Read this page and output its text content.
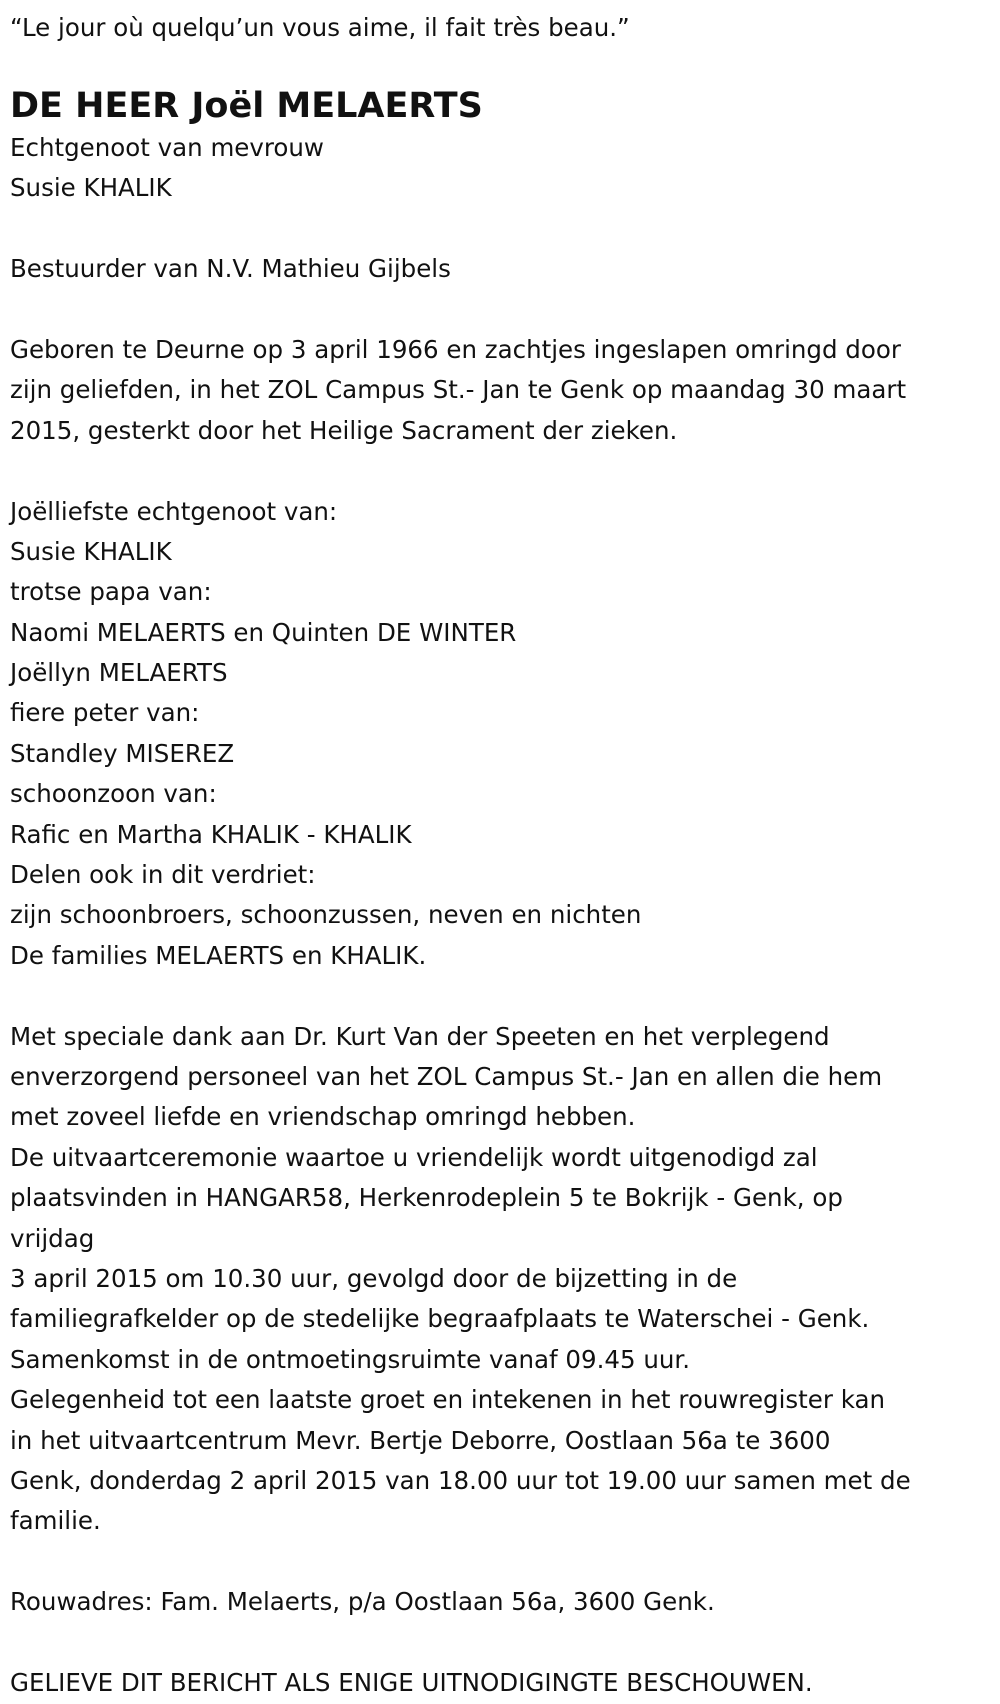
“Le jour où quelqu’un vous aime, il fait très beau.”

DE HEER Joël MELAERTS

Echtgenoot van mevrouw

Susie KHALIK

Bestuurder van N.V. Mathieu Gijbels

Geboren te Deurne op 3 april 1966 en zachtjes ingeslapen omringd door

zijn geliefden, in het ZOL Campus St.- Jan te Genk op maandag 30 maart

2015, gesterkt door het Heilige Sacrament der zieken.

Joëlliefste echtgenoot van:

Susie KHALIK

trotse papa van:

Naomi MELAERTS en Quinten DE WINTER

Joëllyn MELAERTS

fiere peter van:

Standley MISEREZ

schoonzoon van:

Rafic en Martha KHALIK - KHALIK

Delen ook in dit verdriet:

zijn schoonbroers, schoonzussen, neven en nichten

De families MELAERTS en KHALIK.

Met speciale dank aan Dr. Kurt Van der Speeten en het verplegend

enverzorgend personeel van het ZOL Campus St.- Jan en allen die hem

met zoveel liefde en vriendschap omringd hebben.

De uitvaartceremonie waartoe u vriendelijk wordt uitgenodigd zal

plaatsvinden in HANGAR58, Herkenrodeplein 5 te Bokrijk - Genk, op

vrijdag

3 april 2015 om 10.30 uur, gevolgd door de bijzetting in de

familiegrafkelder op de stedelijke begraafplaats te Waterschei - Genk.

Samenkomst in de ontmoetingsruimte vanaf 09.45 uur.

Gelegenheid tot een laatste groet en intekenen in het rouwregister kan

in het uitvaartcentrum Mevr. Bertje Deborre, Oostlaan 56a te 3600

Genk, donderdag 2 april 2015 van 18.00 uur tot 19.00 uur samen met de

familie.

Rouwadres: Fam. Melaerts, p/a Oostlaan 56a, 3600 Genk.

GELIEVE DIT BERICHT ALS ENIGE UITNODIGINGTE BESCHOUWEN.
